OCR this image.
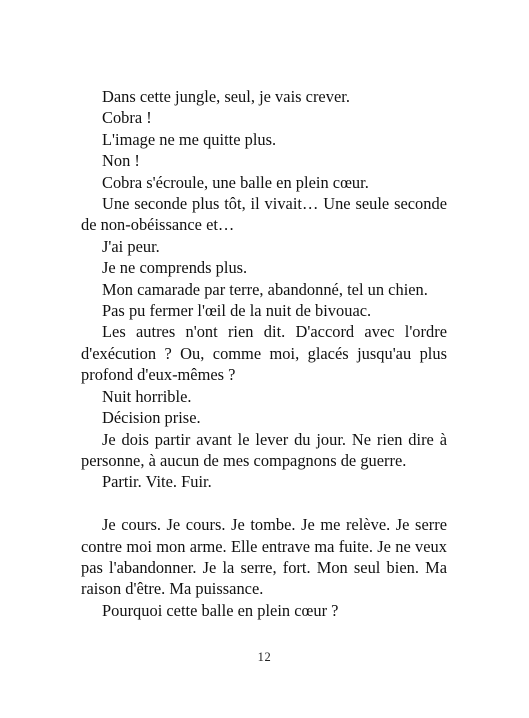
Dans cette jungle, seul, je vais crever.

Cobra !

L'image ne me quitte plus.

Non !

Cobra s'écroule, une balle en plein cœur.

Une seconde plus tôt, il vivait… Une seule seconde de non-obéissance et…

J'ai peur.

Je ne comprends plus.

Mon camarade par terre, abandonné, tel un chien.

Pas pu fermer l'œil de la nuit de bivouac.

Les autres n'ont rien dit. D'accord avec l'ordre d'exécution ? Ou, comme moi, glacés jusqu'au plus profond d'eux-mêmes ?

Nuit horrible.

Décision prise.

Je dois partir avant le lever du jour. Ne rien dire à personne, à aucun de mes compagnons de guerre.

Partir. Vite. Fuir.

Je cours. Je cours. Je tombe. Je me relève. Je serre contre moi mon arme. Elle entrave ma fuite. Je ne veux pas l'abandonner. Je la serre, fort. Mon seul bien. Ma raison d'être. Ma puissance.

Pourquoi cette balle en plein cœur ?

12
